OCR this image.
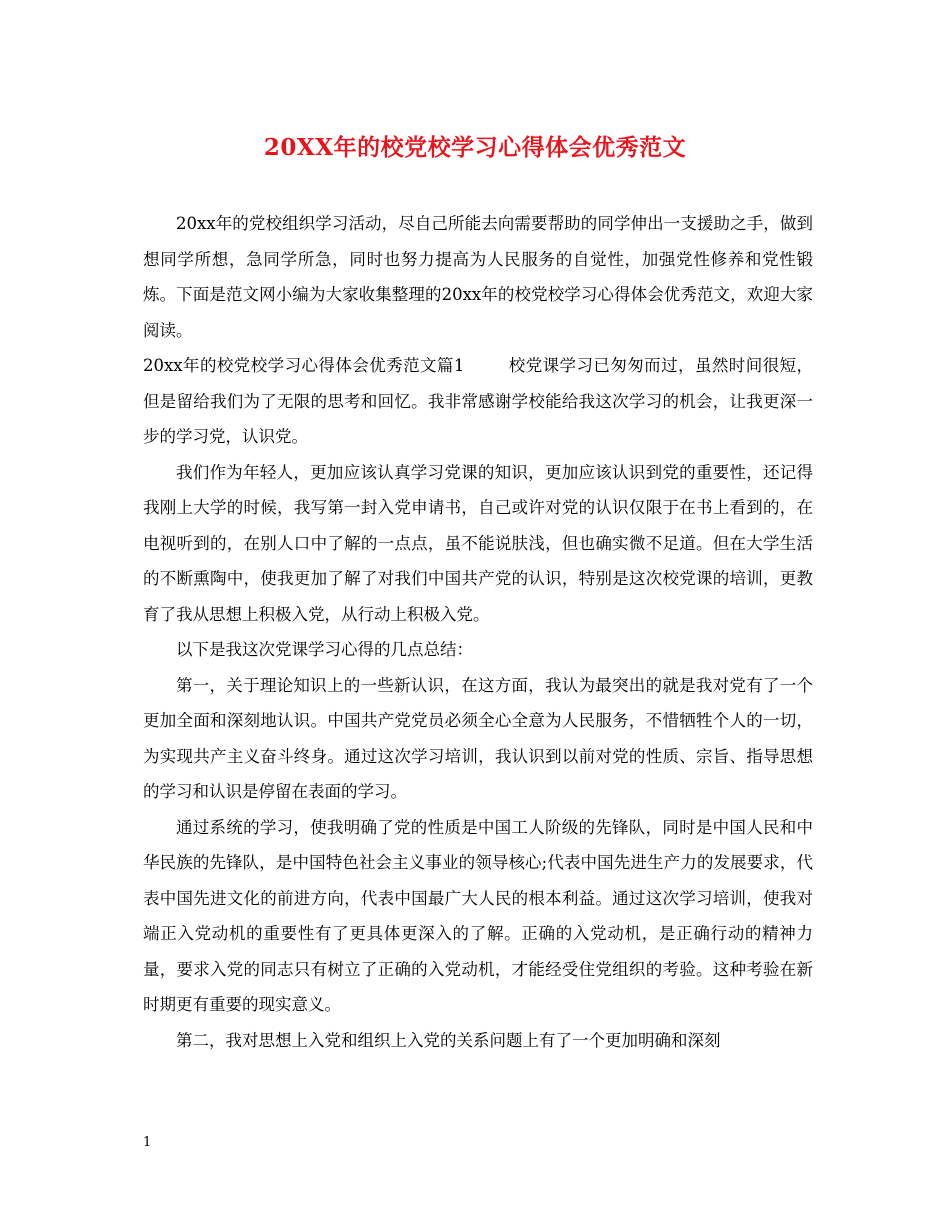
20XX年的校党校学习心得体会优秀范文

20xx年的党校组织学习活动，尽自己所能去向需要帮助的同学伸出一支援助之手，做到想同学所想，急同学所急，同时也努力提高为人民服务的自觉性，加强党性修养和党性锻炼。下面是范文网小编为大家收集整理的20xx年的校党校学习心得体会优秀范文，欢迎大家阅读。

20xx年的校党校学习心得体会优秀范文篇1	校党课学习已匆匆而过，虽然时间很短，但是留给我们为了无限的思考和回忆。我非常感谢学校能给我这次学习的机会，让我更深一步的学习党，认识党。

我们作为年轻人，更加应该认真学习党课的知识，更加应该认识到党的重要性，还记得我刚上大学的时候，我写第一封入党申请书，自己或许对党的认识仅限于在书上看到的，在电视听到的，在别人口中了解的一点点，虽不能说肤浅，但也确实微不足道。但在大学生活的不断熏陶中，使我更加了解了对我们中国共产党的认识，特别是这次校党课的培训，更教育了我从思想上积极入党，从行动上积极入党。

以下是我这次党课学习心得的几点总结：

第一，关于理论知识上的一些新认识，在这方面，我认为最突出的就是我对党有了一个更加全面和深刻地认识。中国共产党党员必须全心全意为人民服务，不惜牺牲个人的一切，为实现共产主义奋斗终身。通过这次学习培训，我认识到以前对党的性质、宗旨、指导思想的学习和认识是停留在表面的学习。

通过系统的学习，使我明确了党的性质是中国工人阶级的先锋队，同时是中国人民和中华民族的先锋队，是中国特色社会主义事业的领导核心;代表中国先进生产力的发展要求，代表中国先进文化的前进方向，代表中国最广大人民的根本利益。通过这次学习培训，使我对端正入党动机的重要性有了更具体更深入的了解。正确的入党动机，是正确行动的精神力量，要求入党的同志只有树立了正确的入党动机，才能经受住党组织的考验。这种考验在新时期更有重要的现实意义。

第二，我对思想上入党和组织上入党的关系问题上有了一个更加明确和深刻

1
